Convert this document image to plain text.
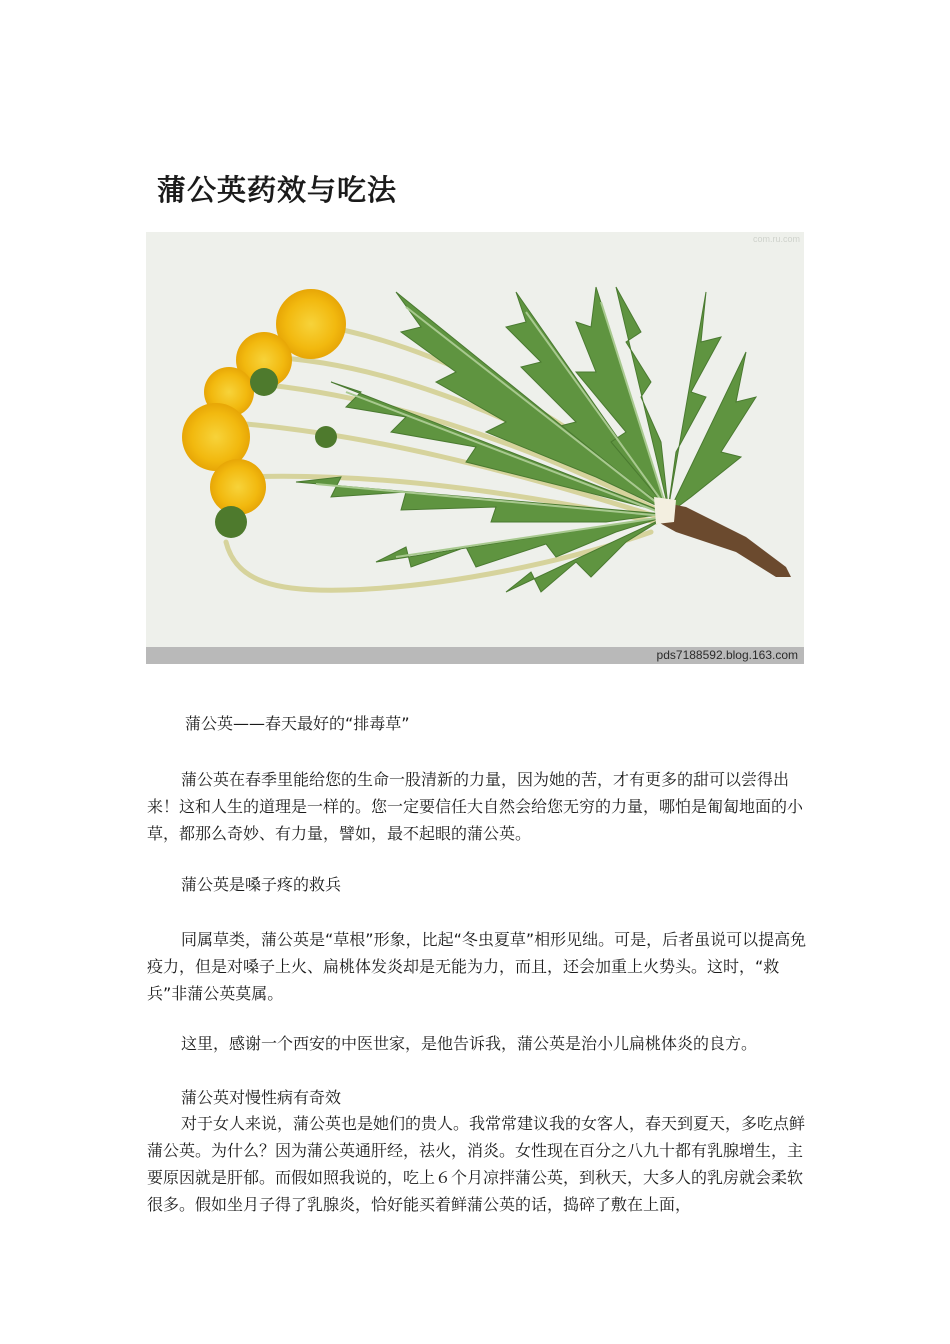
蒲公英药效与吃法
com.ru.com
pds7188592.blog.163.com

蒲公英——春天最好的“排毒草”

蒲公英在春季里能给您的生命一股清新的力量，因为她的苦，才有更多的甜可以尝得出来！这和人生的道理是一样的。您一定要信任大自然会给您无穷的力量，哪怕是匍匐地面的小草，都那么奇妙、有力量，譬如，最不起眼的蒲公英。

蒲公英是嗓子疼的救兵

同属草类，蒲公英是“草根”形象，比起“冬虫夏草”相形见绌。可是，后者虽说可以提高免疫力，但是对嗓子上火、扁桃体发炎却是无能为力，而且，还会加重上火势头。这时，“救兵”非蒲公英莫属。

这里，感谢一个西安的中医世家，是他告诉我，蒲公英是治小儿扁桃体炎的良方。

蒲公英对慢性病有奇效

对于女人来说，蒲公英也是她们的贵人。我常常建议我的女客人，春天到夏天，多吃点鲜蒲公英。为什么？因为蒲公英通肝经，祛火，消炎。女性现在百分之八九十都有乳腺增生，主要原因就是肝郁。而假如照我说的，吃上６个月凉拌蒲公英，到秋天，大多人的乳房就会柔软很多。假如坐月子得了乳腺炎，恰好能买着鲜蒲公英的话，捣碎了敷在上面，
